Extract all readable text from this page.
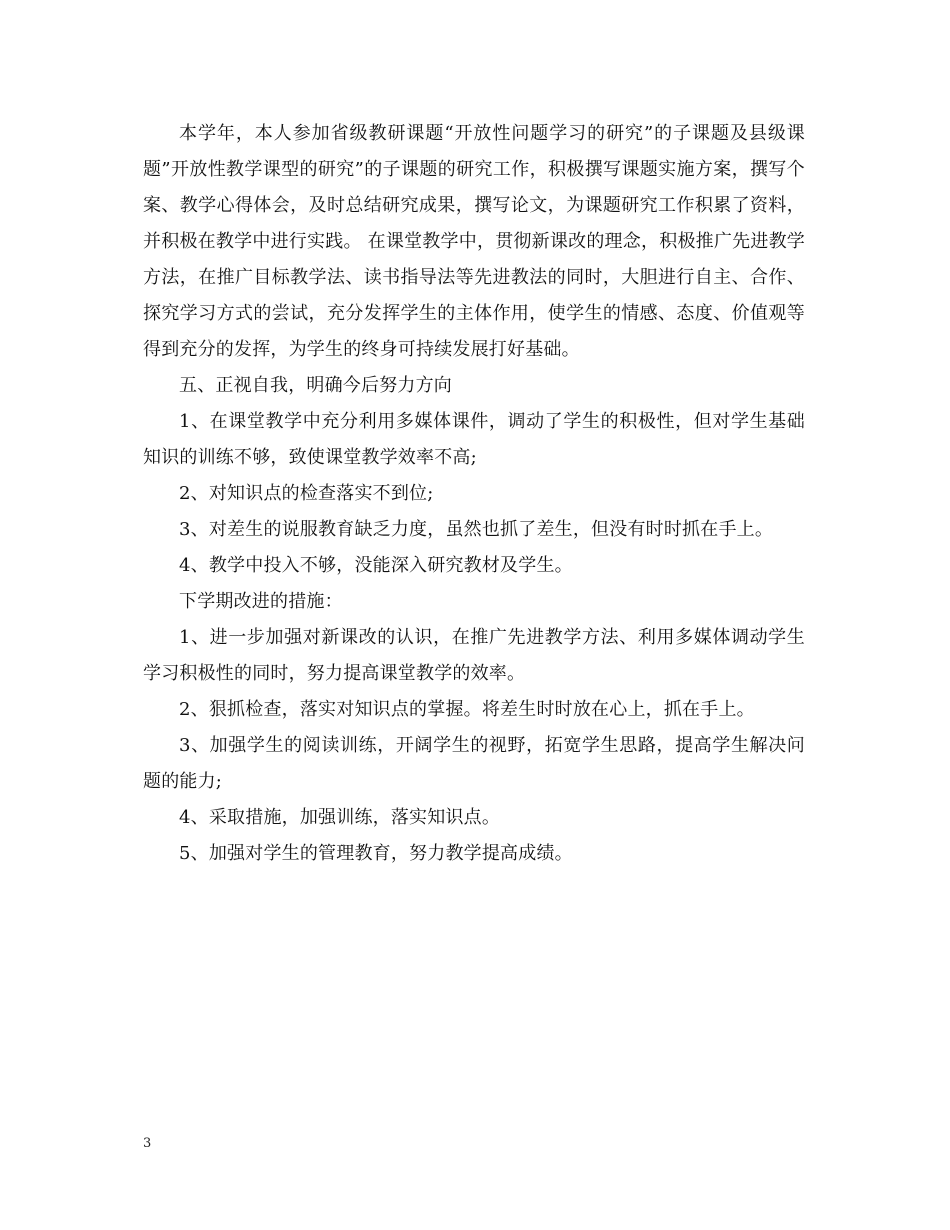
本学年，本人参加省级教研课题“开放性问题学习的研究”的子课题及县级课题”开放性教学课型的研究”的子课题的研究工作，积极撰写课题实施方案，撰写个案、教学心得体会，及时总结研究成果，撰写论文，为课题研究工作积累了资料，并积极在教学中进行实践。 在课堂教学中，贯彻新课改的理念，积极推广先进教学方法，在推广目标教学法、读书指导法等先进教法的同时，大胆进行自主、合作、探究学习方式的尝试，充分发挥学生的主体作用，使学生的情感、态度、价值观等得到充分的发挥，为学生的终身可持续发展打好基础。

五、正视自我，明确今后努力方向

1、在课堂教学中充分利用多媒体课件，调动了学生的积极性，但对学生基础知识的训练不够，致使课堂教学效率不高;

2、对知识点的检查落实不到位;

3、对差生的说服教育缺乏力度，虽然也抓了差生，但没有时时抓在手上。

4、教学中投入不够，没能深入研究教材及学生。

下学期改进的措施：

1、进一步加强对新课改的认识，在推广先进教学方法、利用多媒体调动学生学习积极性的同时，努力提高课堂教学的效率。

2、狠抓检查，落实对知识点的掌握。将差生时时放在心上，抓在手上。

3、加强学生的阅读训练，开阔学生的视野，拓宽学生思路，提高学生解决问题的能力;

4、采取措施，加强训练，落实知识点。

5、加强对学生的管理教育，努力教学提高成绩。

3
